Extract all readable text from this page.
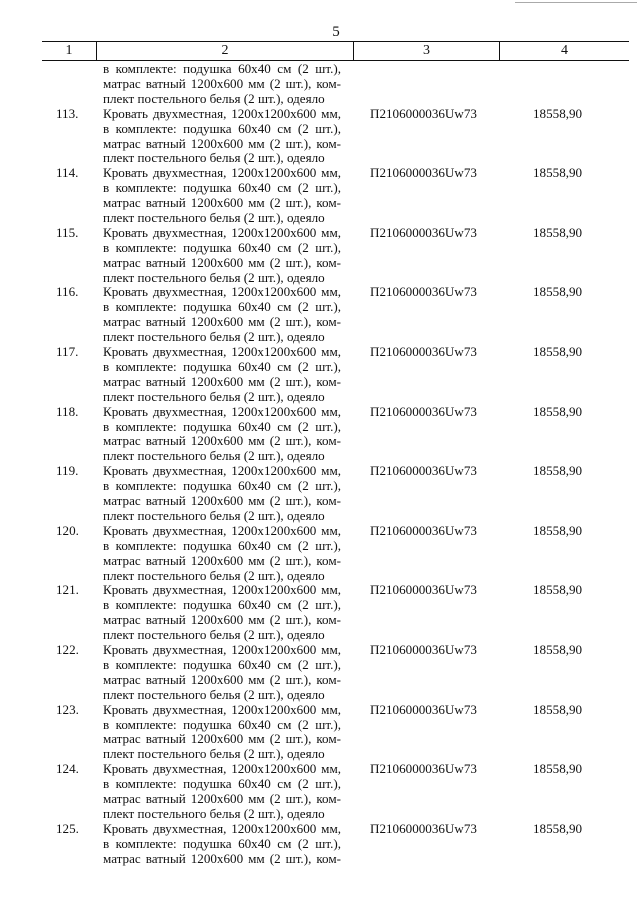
5
1	2	3	4
в комплекте: подушка 60x40 см (2 шт.),
матрас ватный 1200x600 мм (2 шт.), ком-
плект постельного белья (2 шт.), одеяло
113.	Кровать двухместная, 1200x1200x600 мм,
в комплекте: подушка 60x40 см (2 шт.),
матрас ватный 1200x600 мм (2 шт.), ком-
плект постельного белья (2 шт.), одеяло
П2106000036Uw73	18558,90
114.	Кровать двухместная, 1200x1200x600 мм,
в комплекте: подушка 60x40 см (2 шт.),
матрас ватный 1200x600 мм (2 шт.), ком-
плект постельного белья (2 шт.), одеяло
П2106000036Uw73	18558,90
115.	Кровать двухместная, 1200x1200x600 мм,
в комплекте: подушка 60x40 см (2 шт.),
матрас ватный 1200x600 мм (2 шт.), ком-
плект постельного белья (2 шт.), одеяло
П2106000036Uw73	18558,90
116.	Кровать двухместная, 1200x1200x600 мм,
в комплекте: подушка 60x40 см (2 шт.),
матрас ватный 1200x600 мм (2 шт.), ком-
плект постельного белья (2 шт.), одеяло
П2106000036Uw73	18558,90
117.	Кровать двухместная, 1200x1200x600 мм,
в комплекте: подушка 60x40 см (2 шт.),
матрас ватный 1200x600 мм (2 шт.), ком-
плект постельного белья (2 шт.), одеяло
П2106000036Uw73	18558,90
118.	Кровать двухместная, 1200x1200x600 мм,
в комплекте: подушка 60x40 см (2 шт.),
матрас ватный 1200x600 мм (2 шт.), ком-
плект постельного белья (2 шт.), одеяло
П2106000036Uw73	18558,90
119.	Кровать двухместная, 1200x1200x600 мм,
в комплекте: подушка 60x40 см (2 шт.),
матрас ватный 1200x600 мм (2 шт.), ком-
плект постельного белья (2 шт.), одеяло
П2106000036Uw73	18558,90
120.	Кровать двухместная, 1200x1200x600 мм,
в комплекте: подушка 60x40 см (2 шт.),
матрас ватный 1200x600 мм (2 шт.), ком-
плект постельного белья (2 шт.), одеяло
П2106000036Uw73	18558,90
121.	Кровать двухместная, 1200x1200x600 мм,
в комплекте: подушка 60x40 см (2 шт.),
матрас ватный 1200x600 мм (2 шт.), ком-
плект постельного белья (2 шт.), одеяло
П2106000036Uw73	18558,90
122.	Кровать двухместная, 1200x1200x600 мм,
в комплекте: подушка 60x40 см (2 шт.),
матрас ватный 1200x600 мм (2 шт.), ком-
плект постельного белья (2 шт.), одеяло
П2106000036Uw73	18558,90
123.	Кровать двухместная, 1200x1200x600 мм,
в комплекте: подушка 60x40 см (2 шт.),
матрас ватный 1200x600 мм (2 шт.), ком-
плект постельного белья (2 шт.), одеяло
П2106000036Uw73	18558,90
124.	Кровать двухместная, 1200x1200x600 мм,
в комплекте: подушка 60x40 см (2 шт.),
матрас ватный 1200x600 мм (2 шт.), ком-
плект постельного белья (2 шт.), одеяло
П2106000036Uw73	18558,90
125.	Кровать двухместная, 1200x1200x600 мм,
в комплекте: подушка 60x40 см (2 шт.),
матрас ватный 1200x600 мм (2 шт.), ком-
П2106000036Uw73	18558,90
